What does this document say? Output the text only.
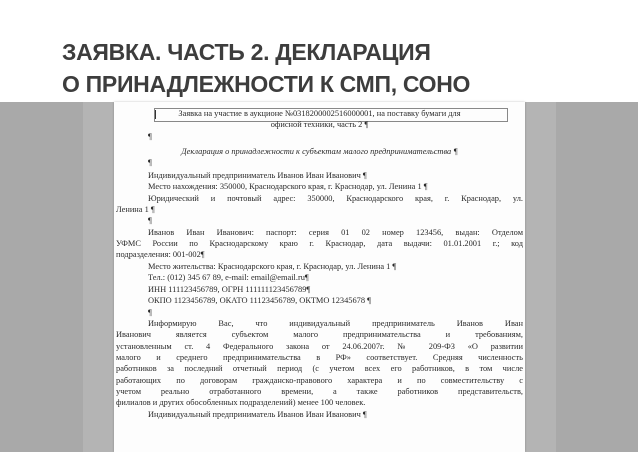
ЗАЯВКА. ЧАСТЬ 2. ДЕКЛАРАЦИЯ
О ПРИНАДЛЕЖНОСТИ К СМП, СОНО
Заявка на участие в аукционе №0318200002516000001, на поставку бумаги для
офисной техники, часть 2 ¶
¶
Декларация о принадлежности к субъектам малого предпринимательства ¶
¶
Индивидуальный предприниматель Иванов Иван Иванович ¶
Место нахождения: 350000, Краснодарского края, г. Краснодар, ул. Ленина 1 ¶
Юридический и почтовый адрес: 350000, Краснодарского края, г. Краснодар, ул.
Ленина 1 ¶
¶
Иванов Иван Иванович: паспорт: серия 01 02 номер 123456, выдан: Отделом
УФМС России по Краснодарскому краю г. Краснодар, дата выдачи: 01.01.2001 г.; код
подразделения: 001-002¶
Место жительства: Краснодарского края, г. Краснодар, ул. Ленина 1 ¶
Тел.: (012) 345 67 89, e-mail: email@email.ru¶
ИНН 111123456789, ОГРН 111111123456789¶
ОКПО 1123456789, ОКАТО 11123456789, ОКТМО 12345678 ¶
¶
Информирую Вас, что индивидуальный предприниматель Иванов Иван
Иванович является субъектом малого предпринимательства и требованиям,
установленным ст. 4 Федерального закона от 24.06.2007г. № 209-ФЗ «О развитии
малого и среднего предпринимательства в РФ» соответствует. Средняя численность
работников за последний отчетный период (с учетом всех его работников, в том числе
работающих по договорам гражданско-правового характера и по совместительству с
учетом реально отработанного времени, а также работников представительств,
филиалов и других обособленных подразделений) менее 100 человек.
Индивидуальный предприниматель Иванов Иван Иванович ¶
